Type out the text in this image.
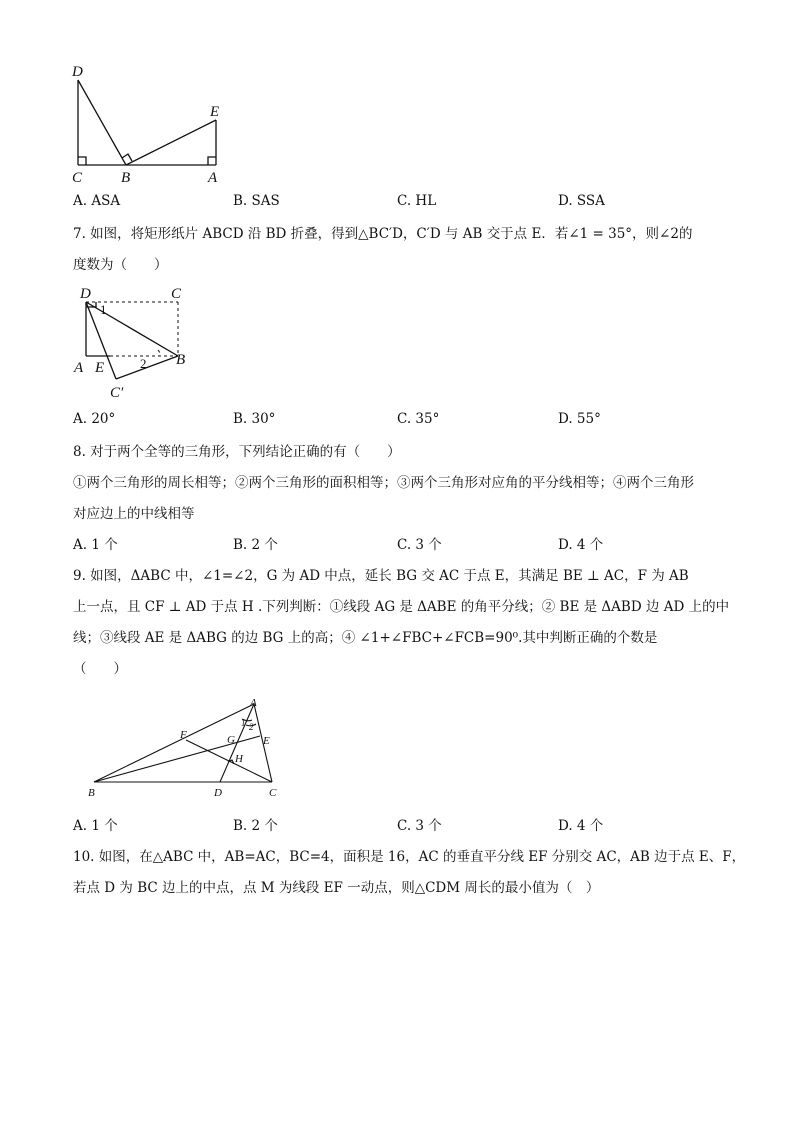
D
E
C	B	A
A. ASA	B. SAS	C. HL	D. SSA
7. 如图，将矩形纸片 ABCD 沿 BD 折叠，得到△BC′D，C′D 与 AB 交于点 E．若∠1 = 35°，则∠2的
度数为（　　）
D	C
1
A E	2 B
C′
A. 20°	B. 30°	C. 35°	D. 55°
8. 对于两个全等的三角形，下列结论正确的有（　　）
①两个三角形的周长相等；②两个三角形的面积相等；③两个三角形对应角的平分线相等；④两个三角形
对应边上的中线相等
A. 1 个	B. 2 个	C. 3 个	D. 4 个
9. 如图，ΔABC 中，∠1=∠2，G 为 AD 中点，延长 BG 交 AC 于点 E，其满足 BE ⊥ AC，F 为 AB
上一点，且 CF ⊥ AD 于点 H .下列判断：①线段 AG 是 ΔABE 的角平分线；② BE 是 ΔABD 边 AD 上的中
线；③线段 AE 是 ΔABG 的边 BG 上的高；④ ∠1+∠FBC+∠FCB=90⁰.其中判断正确的个数是
（　　）
A
1 2
F	G	E
H
B	D	C
A. 1 个	B. 2 个	C. 3 个	D. 4 个
10. 如图，在△ABC 中，AB=AC，BC=4，面积是 16，AC 的垂直平分线 EF 分别交 AC，AB 边于点 E、F，
若点 D 为 BC 边上的中点，点 M 为线段 EF 一动点，则△CDM 周长的最小值为（　）
